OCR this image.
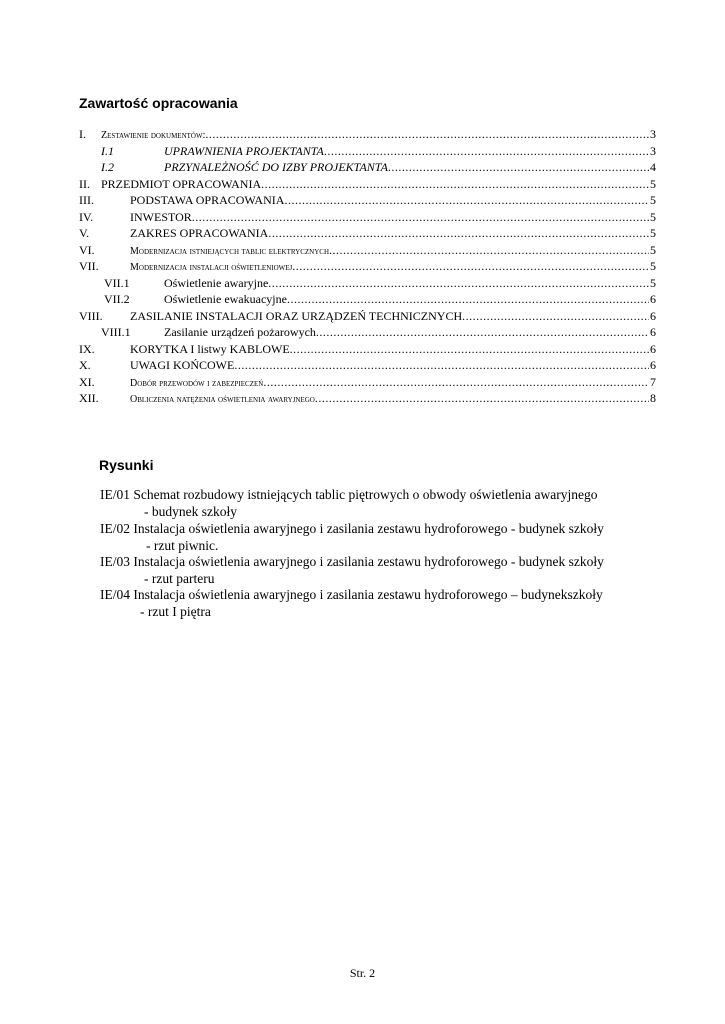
Zawartość opracowania
I. Zestawienie dokumentów: .....	3
I.1	UPRAWNIENIA PROJEKTANTA .....	3
I.2	PRZYNALEŻNOŚĆ DO IZBY PROJEKTANTA .....	4
II. PRZEDMIOT OPRACOWANIA .....	5
III.	PODSTAWA OPRACOWANIA .....	5
IV.	INWESTOR .....	5
V.	ZAKRES OPRACOWANIA .....	5
VI.	Modernizacja istniejących tablic elektrycznych .....	5
VII.	Modernizacja instalacji oświetleniowej .....	5
VII.1	Oświetlenie awaryjne .....	5
VII.2	Oświetlenie ewakuacyjne .....	6
VIII. ZASILANIE INSTALACJI ORAZ URZĄDZEŃ TECHNICZNYCH .....	6
VIII.1	Zasilanie urządzeń pożarowych .....	6
IX.	KORYTKA I listwy KABLOWE .....	6
X.	UWAGI KOŃCOWE .....	6
XI.	Dobór przewodów i zabezpieczeń .....	7
XII.	Obliczenia natężenia oświetlenia awaryjnego .....	8
Rysunki
IE/01 Schemat rozbudowy istniejących tablic piętrowych o obwody oświetlenia awaryjnego
- budynek szkoły
IE/02 Instalacja oświetlenia awaryjnego i zasilania zestawu hydroforowego - budynek szkoły
- rzut piwnic.
IE/03 Instalacja oświetlenia awaryjnego i zasilania zestawu hydroforowego - budynek szkoły
- rzut parteru
IE/04 Instalacja oświetlenia awaryjnego i zasilania zestawu hydroforowego – budynekszkoły
- rzut I piętra
Str. 2
